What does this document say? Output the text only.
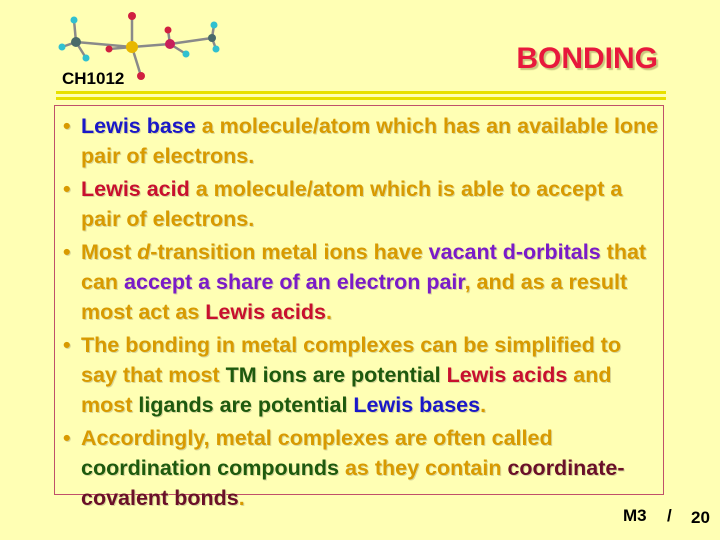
CH1012
BONDING
• Lewis base a molecule/atom which has an available lone pair of electrons.
• Lewis acid a molecule/atom which is able to accept a pair of electrons.
• Most d-transition metal ions have vacant d-orbitals that can accept a share of an electron pair, and as a result most act as Lewis acids.
• The bonding in metal complexes can be simplified to say that most TM ions are potential Lewis acids and most ligands are potential Lewis bases.
• Accordingly, metal complexes are often called coordination compounds as they contain coordinate-covalent bonds.
M3 / 20
